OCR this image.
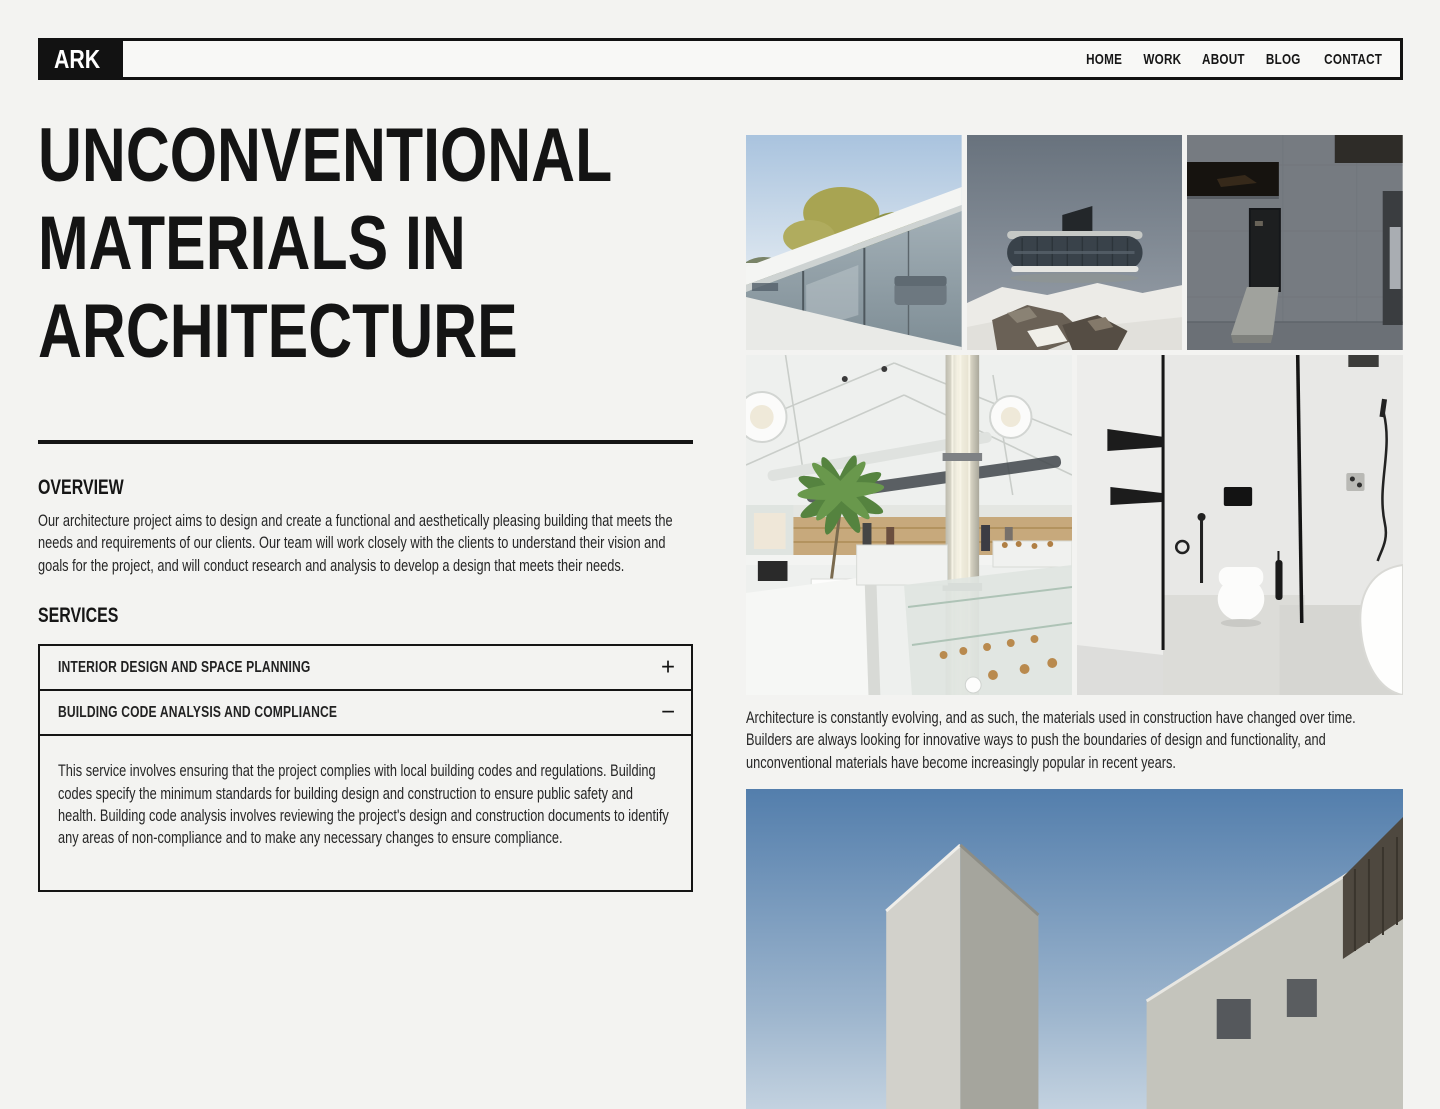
ARK	HOME WORK ABOUT BLOG CONTACT
UNCONVENTIONAL
MATERIALS IN
ARCHITECTURE
OVERVIEW

Our architecture project aims to design and create a functional and aesthetically pleasing building that meets the needs and requirements of our clients. Our team will work closely with the clients to understand their vision and goals for the project, and will conduct research and analysis to develop a design that meets their needs.

SERVICES
INTERIOR DESIGN AND SPACE PLANNING	+
BUILDING CODE ANALYSIS AND COMPLIANCE	−

This service involves ensuring that the project complies with local building codes and regulations. Building codes specify the minimum standards for building design and construction to ensure public safety and health. Building code analysis involves reviewing the project's design and construction documents to identify any areas of non-compliance and to make any necessary changes to ensure compliance.

Architecture is constantly evolving, and as such, the materials used in construction have changed over time. Builders are always looking for innovative ways to push the boundaries of design and functionality, and unconventional materials have become increasingly popular in recent years.
